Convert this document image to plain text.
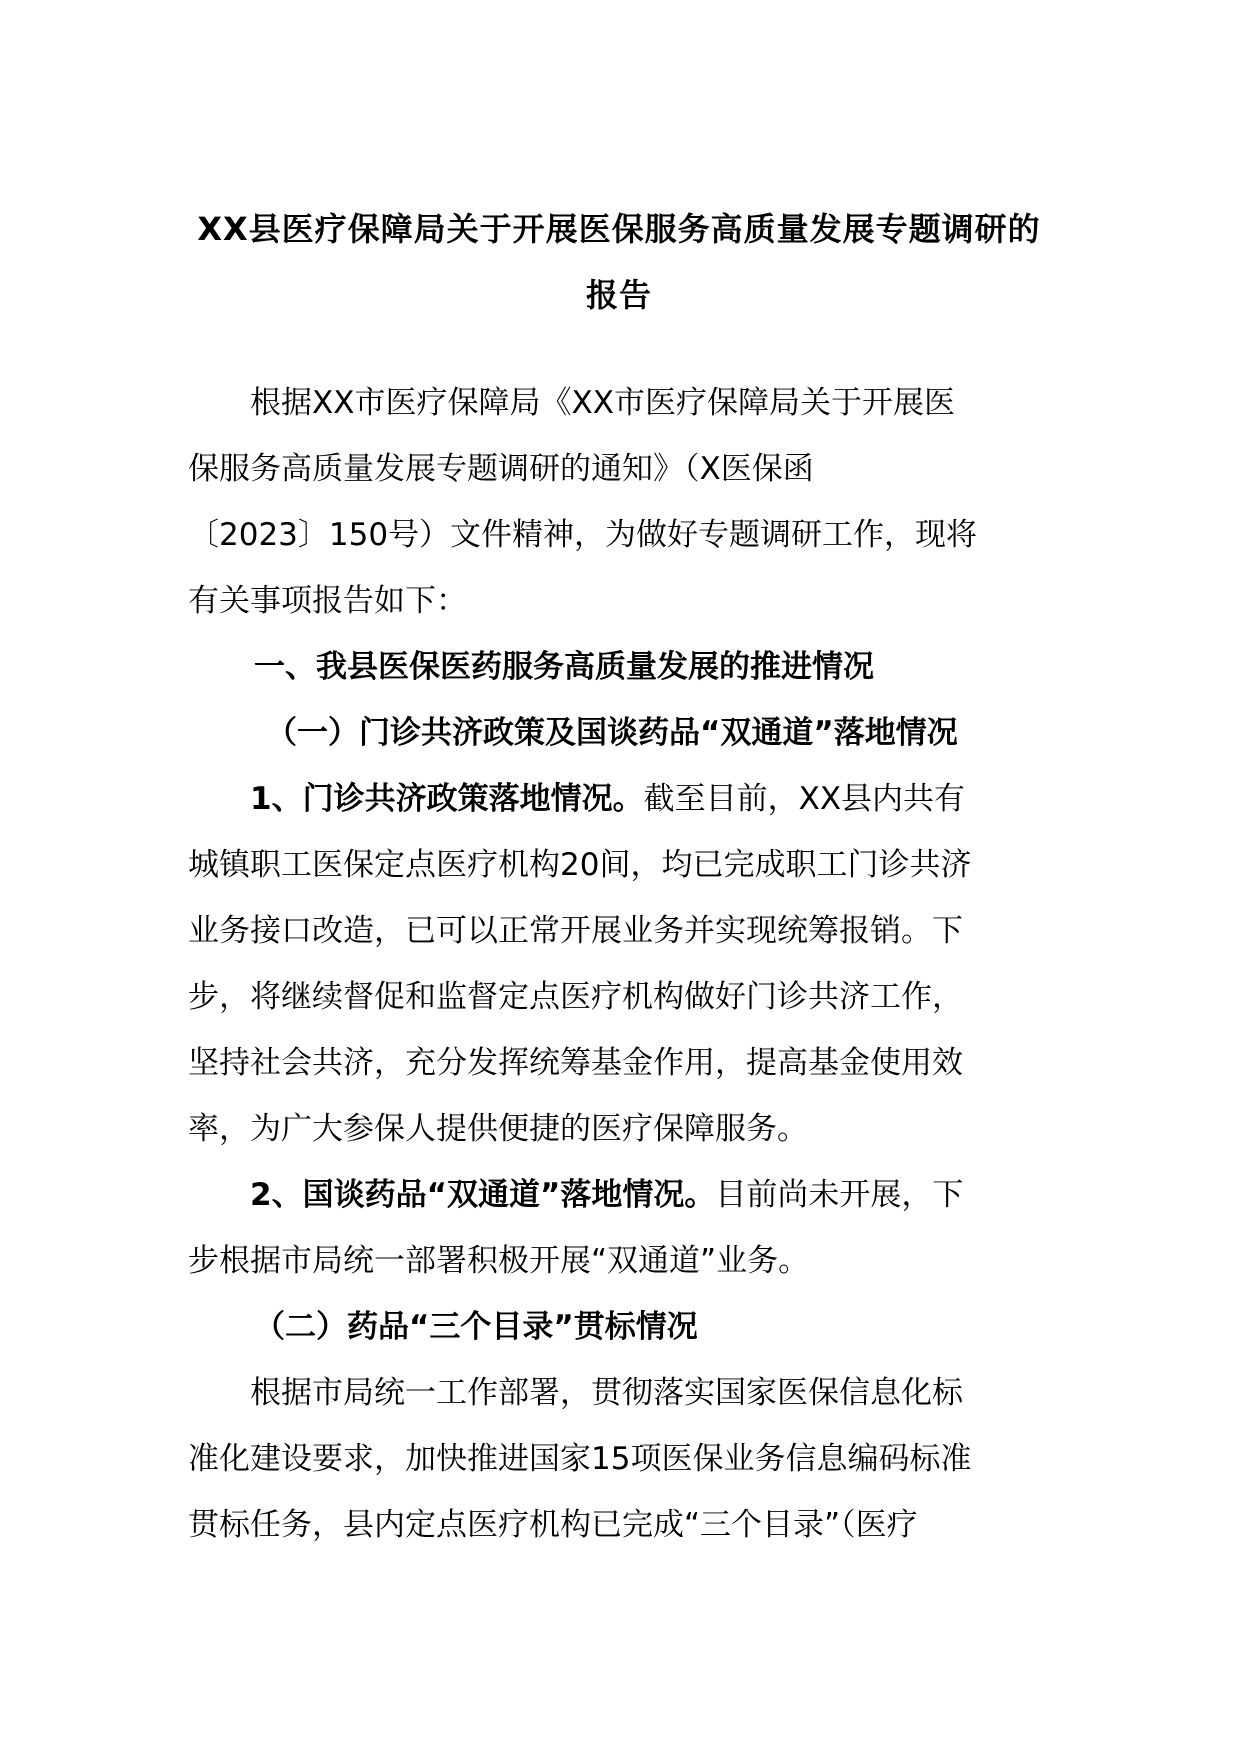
XX县医疗保障局关于开展医保服务高质量发展专题调研的
报告

根据XX市医疗保障局《XX市医疗保障局关于开展医
保服务高质量发展专题调研的通知》（X医保函
〔2023〕150号）文件精神，为做好专题调研工作，现将
有关事项报告如下：

一、我县医保医药服务高质量发展的推进情况

（一）门诊共济政策及国谈药品“双通道”落地情况

1、门诊共济政策落地情况。截至目前，XX县内共有
城镇职工医保定点医疗机构20间，均已完成职工门诊共济
业务接口改造，已可以正常开展业务并实现统筹报销。下
步，将继续督促和监督定点医疗机构做好门诊共济工作，
坚持社会共济，充分发挥统筹基金作用，提高基金使用效
率，为广大参保人提供便捷的医疗保障服务。

2、国谈药品“双通道”落地情况。目前尚未开展，下
步根据市局统一部署积极开展“双通道”业务。

（二）药品“三个目录”贯标情况

根据市局统一工作部署，贯彻落实国家医保信息化标
准化建设要求，加快推进国家15项医保业务信息编码标准
贯标任务，县内定点医疗机构已完成“三个目录”（医疗
